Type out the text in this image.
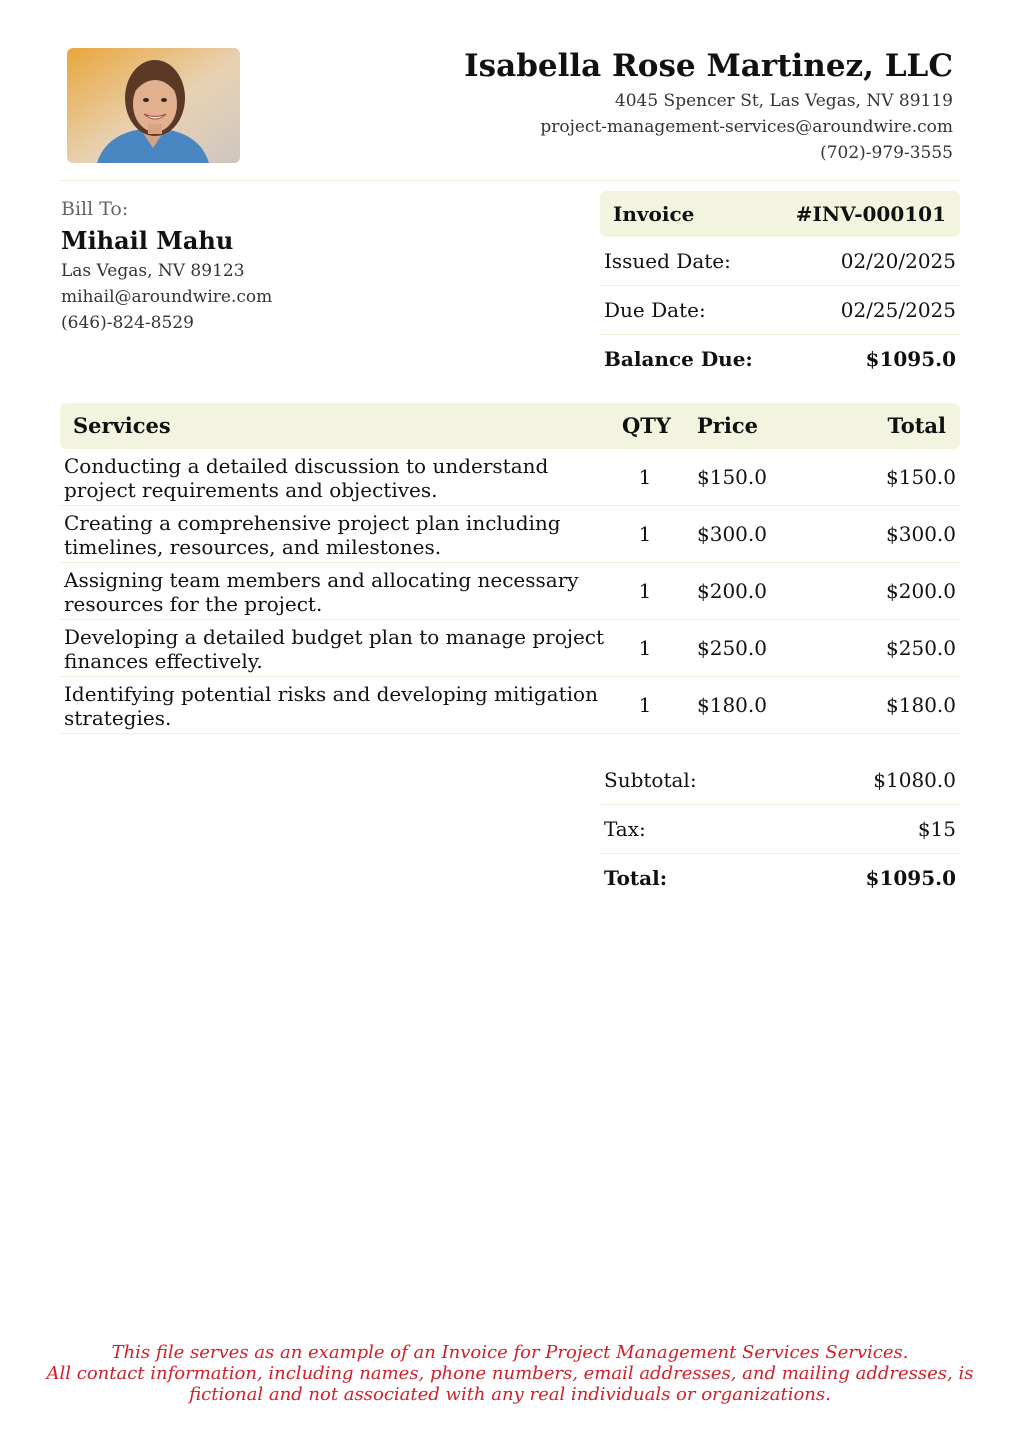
Isabella Rose Martinez, LLC
4045 Spencer St, Las Vegas, NV 89119
project-management-services@aroundwire.com
(702)-979-3555
Bill To:
Mihail Mahu
Las Vegas, NV 89123
mihail@aroundwire.com
(646)-824-8529
Invoice	#INV-000101
Issued Date:	02/20/2025
Due Date:	02/25/2025
Balance Due:	$1095.0
Services	QTY Price	Total
Conducting a detailed discussion to understand project requirements and objectives.
1	$150.0	$150.0
Creating a comprehensive project plan including timelines, resources, and milestones.
1	$300.0	$300.0
Assigning team members and allocating necessary resources for the project.
1	$200.0	$200.0
Developing a detailed budget plan to manage project finances effectively.
1	$250.0	$250.0
Identifying potential risks and developing mitigation strategies.
1	$180.0	$180.0
Subtotal:	$1080.0
Tax:	$15
Total:	$1095.0
This file serves as an example of an Invoice for Project Management Services Services.
All contact information, including names, phone numbers, email addresses, and mailing addresses, is
fictional and not associated with any real individuals or organizations.
